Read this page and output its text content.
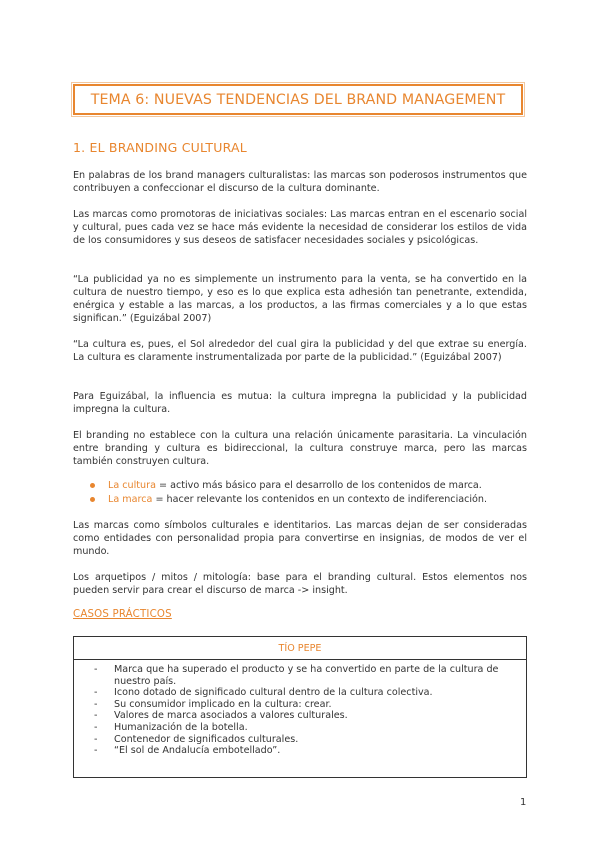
TEMA 6: NUEVAS TENDENCIAS DEL BRAND MANAGEMENT
1. EL BRANDING CULTURAL

En palabras de los brand managers culturalistas: las marcas son poderosos instrumentos que contribuyen a confeccionar el discurso de la cultura dominante.

Las marcas como promotoras de iniciativas sociales: Las marcas entran en el escenario social y cultural, pues cada vez se hace más evidente la necesidad de considerar los estilos de vida de los consumidores y sus deseos de satisfacer necesidades sociales y psicológicas.

“La publicidad ya no es simplemente un instrumento para la venta, se ha convertido en la cultura de nuestro tiempo, y eso es lo que explica esta adhesión tan penetrante, extendida, enérgica y estable a las marcas, a los productos, a las firmas comerciales y a lo que estas significan.” (Eguizábal 2007)

“La cultura es, pues, el Sol alrededor del cual gira la publicidad y del que extrae su energía. La cultura es claramente instrumentalizada por parte de la publicidad.” (Eguizábal 2007)

Para Eguizábal, la influencia es mutua: la cultura impregna la publicidad y la publicidad impregna la cultura.

El branding no establece con la cultura una relación únicamente parasitaria. La vinculación entre branding y cultura es bidireccional, la cultura construye marca, pero las marcas también construyen cultura.

La cultura = activo más básico para el desarrollo de los contenidos de marca.
La marca = hacer relevante los contenidos en un contexto de indiferenciación.

Las marcas como símbolos culturales e identitarios. Las marcas dejan de ser consideradas como entidades con personalidad propia para convertirse en insignias, de modos de ver el mundo.

Los arquetipos / mitos / mitología: base para el branding cultural. Estos elementos nos pueden servir para crear el discurso de marca -> insight.

CASOS PRÁCTICOS

TÍO PEPE

- Marca que ha superado el producto y se ha convertido en parte de la cultura de nuestro país.
- Icono dotado de significado cultural dentro de la cultura colectiva.
- Su consumidor implicado en la cultura: crear.
- Valores de marca asociados a valores culturales.
- Humanización de la botella.
- Contenedor de significados culturales.
- “El sol de Andalucía embotellado”.
1
